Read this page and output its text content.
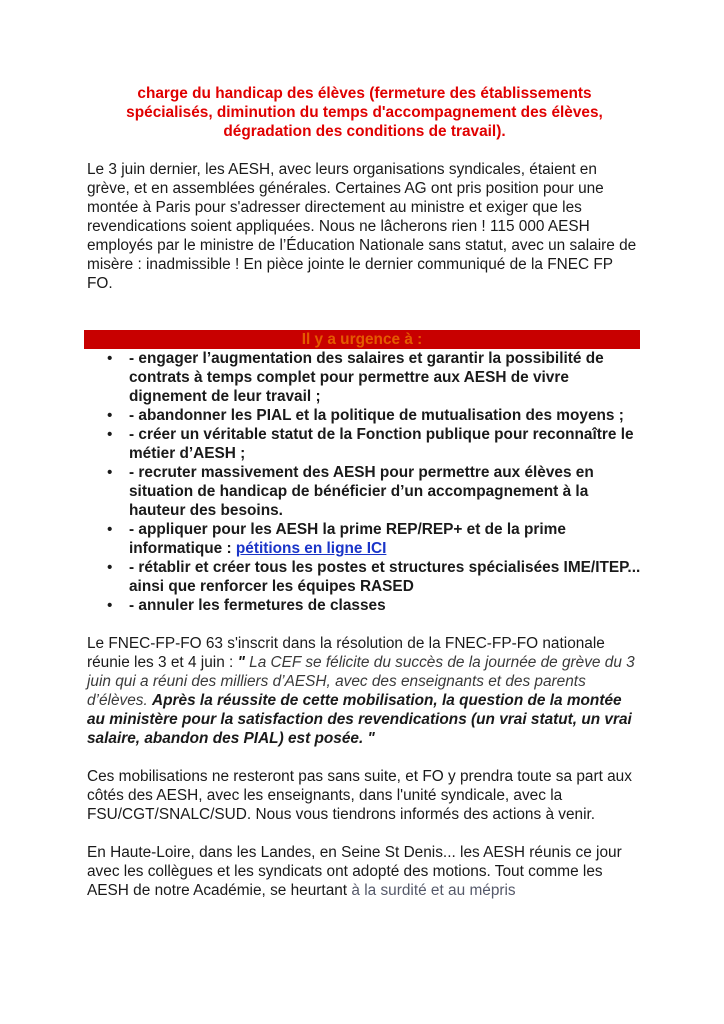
charge du handicap des élèves (fermeture des établissements spécialisés, diminution du temps d'accompagnement des élèves, dégradation des conditions de travail).

Le 3 juin dernier, les AESH, avec leurs organisations syndicales, étaient en grève, et en assemblées générales. Certaines AG ont pris position pour une montée à Paris pour s'adresser directement au ministre et exiger que les revendications soient appliquées. Nous ne lâcherons rien ! 115 000 AESH employés par le ministre de l’Éducation Nationale sans statut, avec un salaire de misère : inadmissible ! En pièce jointe le dernier communiqué de la FNEC FP FO.

Il y a urgence à :
• - engager l’augmentation des salaires et garantir la possibilité de contrats à temps complet pour permettre aux AESH de vivre dignement de leur travail ;
• - abandonner les PIAL et la politique de mutualisation des moyens ;
• - créer un véritable statut de la Fonction publique pour reconnaître le métier d’AESH ;
• - recruter massivement des AESH pour permettre aux élèves en situation de handicap de bénéficier d’un accompagnement à la hauteur des besoins.
• - appliquer pour les AESH la prime REP/REP+ et de la prime informatique : pétitions en ligne ICI
• - rétablir et créer tous les postes et structures spécialisées IME/ITEP... ainsi que renforcer les équipes RASED
• - annuler les fermetures de classes

Le FNEC-FP-FO 63 s'inscrit dans la résolution de la FNEC-FP-FO nationale réunie les 3 et 4 juin : " La CEF se félicite du succès de la journée de grève du 3 juin qui a réuni des milliers d’AESH, avec des enseignants et des parents d’élèves. Après la réussite de cette mobilisation, la question de la montée au ministère pour la satisfaction des revendications (un vrai statut, un vrai salaire, abandon des PIAL) est posée. "

Ces mobilisations ne resteront pas sans suite, et FO y prendra toute sa part aux côtés des AESH, avec les enseignants, dans l'unité syndicale, avec la FSU/CGT/SNALC/SUD. Nous vous tiendrons informés des actions à venir.

En Haute-Loire, dans les Landes, en Seine St Denis... les AESH réunis ce jour avec les collègues et les syndicats ont adopté des motions. Tout comme les AESH de notre Académie, se heurtant à la surdité et au mépris
